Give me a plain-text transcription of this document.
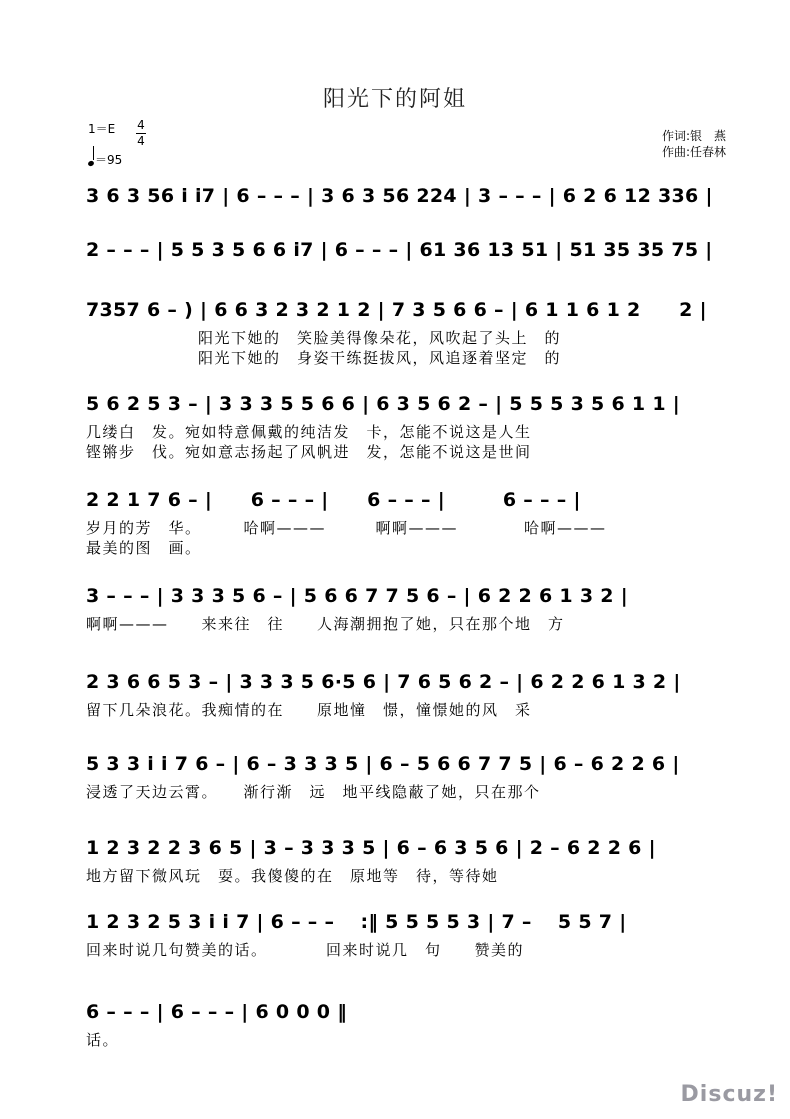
阳光下的阿姐
1＝E 4
4
＝95
作词:银　燕
作曲:任春林
3 6 3 56 i i7 | 6 – – – | 3 6 3 56 224 | 3 – – – | 6 2 6 12 336 |
2 – – – | 5 5 3 5 6 6 i7 | 6 – – – | 61 36 13 51 | 51 35 35 75 |
7357 6 – ) | 6 6 3 2 3 2 1 2 | 7 3 5 6 6 – | 6 1 1 6 1 2　　2 |
阳光下她的　笑脸美得像朵花，风吹起了头上　的
阳光下她的　身姿干练挺拔风，风追逐着坚定　的
5 6 2 5 3 – | 3 3 3 5 5 6 6 | 6 3 5 6 2 – | 5 5 5 3 5 6 1 1 |
几缕白　发。宛如特意佩戴的纯洁发　卡，怎能不说这是人生
铿锵步　伐。宛如意志扬起了风帆进　发，怎能不说这是世间
2 2 1 7 6 – |　　6 – – – |　　6 – – – |　　　6 – – – |
岁月的芳　华。　　　哈啊———　　　啊啊———　　　　哈啊———
最美的图　画。
3 – – – | 3 3 3 5 6 – | 5 6 6 7 7 5 6 – | 6 2 2 6 1 3 2 |
啊啊———　　来来往　往　　人海潮拥抱了她，只在那个地　方
2 3 6 6 5 3 – | 3 3 3 5 6·5 6 | 7 6 5 6 2 – | 6 2 2 6 1 3 2 |
留下几朵浪花。我痴情的在　　原地憧　憬，憧憬她的风　采
5 3 3 i i 7 6 – | 6 – 3 3 3 5 | 6 – 5 6 6 7 7 5 | 6 – 6 2 2 6 |
浸透了天边云霄。　　渐行渐　远　地平线隐蔽了她，只在那个
1 2 3 2 2 3 6 5 | 3 – 3 3 3 5 | 6 – 6 3 5 6 | 2 – 6 2 2 6 |
地方留下微风玩　耍。我傻傻的在　原地等　待，等待她
1 2 3 2 5 3 i i 7 | 6 – – – 　:‖ 5 5 5 5 3 | 7 –　 5 5 7 |
回来时说几句赞美的话。　　　　回来时说几　句　　赞美的
6 – – – | 6 – – – | 6 0 0 0 ‖
话。
Discuz!
